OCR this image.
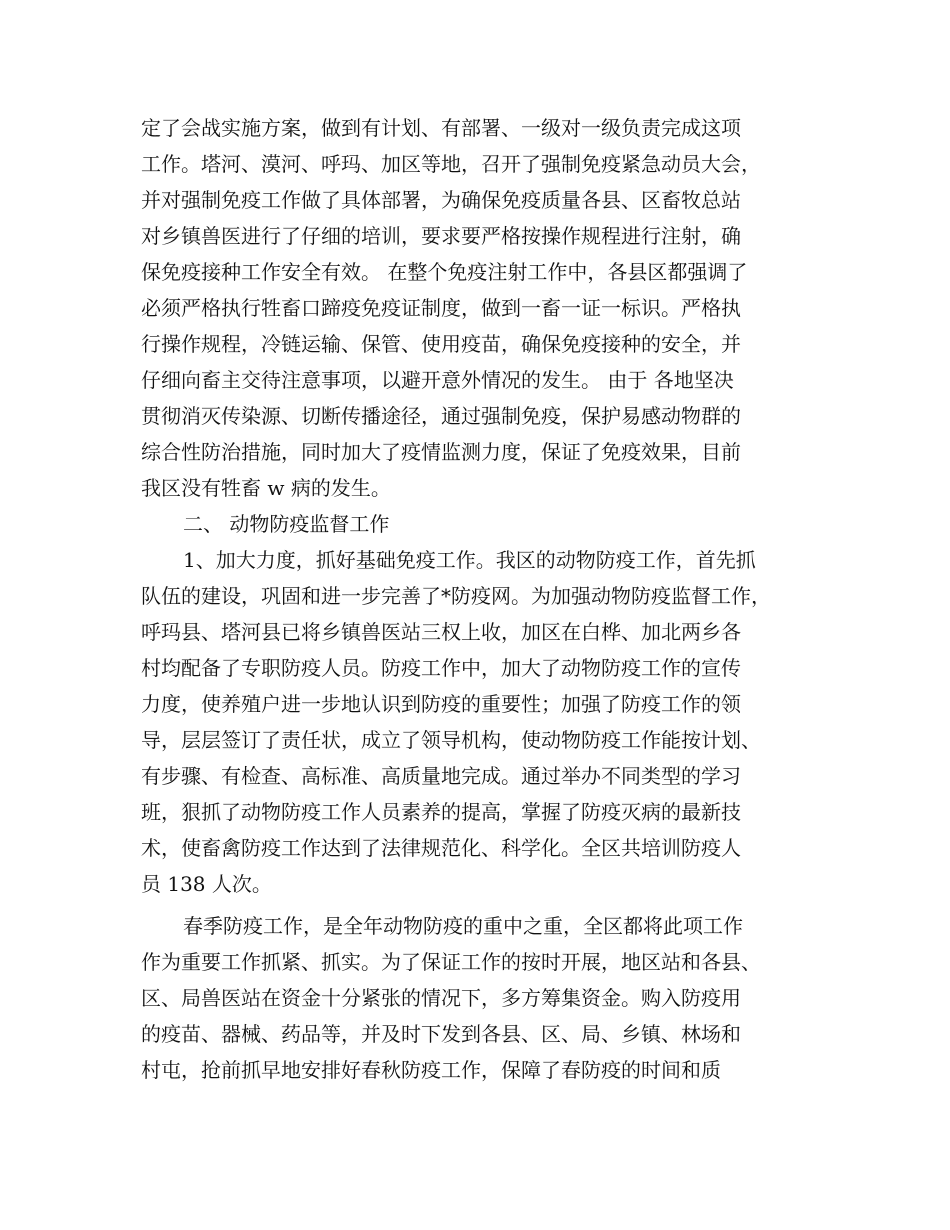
定了会战实施方案，做到有计划、有部署、一级对一级负责完成这项
工作。塔河、漠河、呼玛、加区等地，召开了强制免疫紧急动员大会，
并对强制免疫工作做了具体部署，为确保免疫质量各县、区畜牧总站
对乡镇兽医进行了仔细的培训，要求要严格按操作规程进行注射，确
保免疫接种工作安全有效。 在整个免疫注射工作中，各县区都强调了
必须严格执行牲畜口蹄疫免疫证制度，做到一畜一证一标识。严格执
行操作规程，冷链运输、保管、使用疫苗，确保免疫接种的安全，并
仔细向畜主交待注意事项，以避开意外情况的发生。 由于 各地坚决
贯彻消灭传染源、切断传播途径，通过强制免疫，保护易感动物群的
综合性防治措施，同时加大了疫情监测力度，保证了免疫效果，目前
我区没有牲畜 w 病的发生。
二、 动物防疫监督工作
1、加大力度，抓好基础免疫工作。我区的动物防疫工作，首先抓
队伍的建设，巩固和进一步完善了*防疫网。为加强动物防疫监督工作，
呼玛县、塔河县已将乡镇兽医站三权上收，加区在白桦、加北两乡各
村均配备了专职防疫人员。防疫工作中，加大了动物防疫工作的宣传
力度，使养殖户进一步地认识到防疫的重要性；加强了防疫工作的领
导，层层签订了责任状，成立了领导机构，使动物防疫工作能按计划、
有步骤、有检查、高标准、高质量地完成。通过举办不同类型的学习
班，狠抓了动物防疫工作人员素养的提高，掌握了防疫灭病的最新技
术，使畜禽防疫工作达到了法律规范化、科学化。全区共培训防疫人
员 138 人次。
春季防疫工作，是全年动物防疫的重中之重，全区都将此项工作
作为重要工作抓紧、抓实。为了保证工作的按时开展，地区站和各县、
区、局兽医站在资金十分紧张的情况下，多方筹集资金。购入防疫用
的疫苗、器械、药品等，并及时下发到各县、区、局、乡镇、林场和
村屯，抢前抓早地安排好春秋防疫工作，保障了春防疫的时间和质
